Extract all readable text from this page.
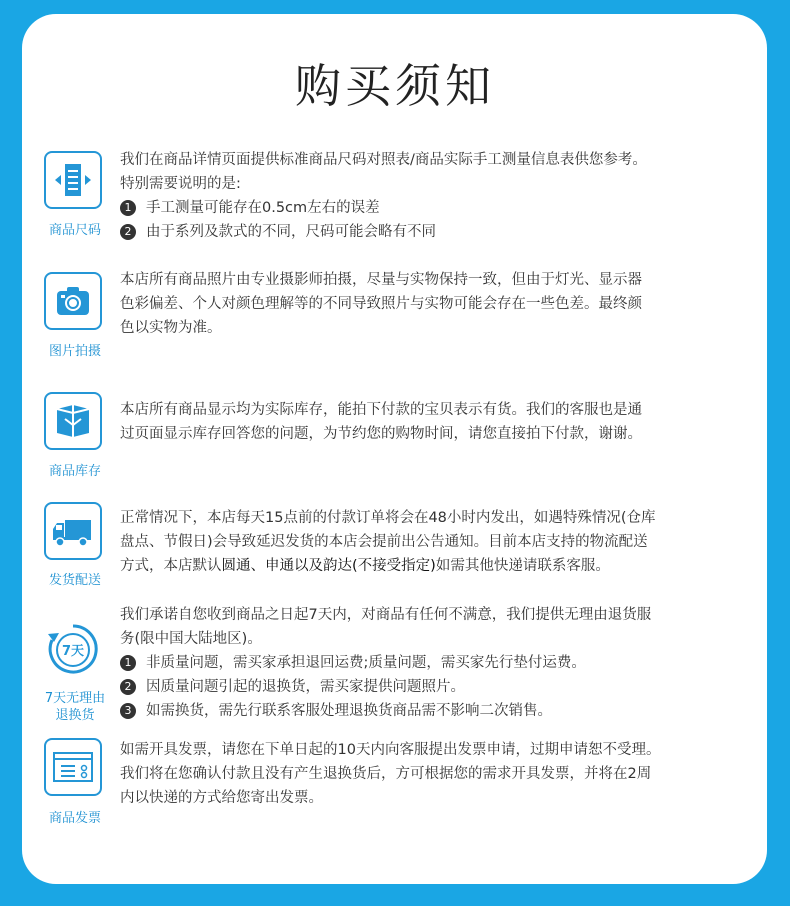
购买须知
商品尺码

我们在商品详情页面提供标准商品尺码对照表/商品实际手工测量信息表供您参考。

特别需要说明的是:

1 手工测量可能存在0.5cm左右的误差

2 由于系列及款式的不同，尺码可能会略有不同

图片拍摄

本店所有商品照片由专业摄影师拍摄，尽量与实物保持一致，但由于灯光、显示器

色彩偏差、个人对颜色理解等的不同导致照片与实物可能会存在一些色差。最终颜

色以实物为准。

商品库存

本店所有商品显示均为实际库存，能拍下付款的宝贝表示有货。我们的客服也是通

过页面显示库存回答您的问题，为节约您的购物时间，请您直接拍下付款，谢谢。

发货配送

正常情况下，本店每天15点前的付款订单将会在48小时内发出，如遇特殊情况(仓库

盘点、节假日)会导致延迟发货的本店会提前出公告通知。目前本店支持的物流配送

方式，本店默认圆通、申通以及韵达(不接受指定)如需其他快递请联系客服。

7天
7天无理由
退换货

我们承诺自您收到商品之日起7天内，对商品有任何不满意，我们提供无理由退货服

务(限中国大陆地区)。

1 非质量问题，需买家承担退回运费;质量问题，需买家先行垫付运费。

2 因质量问题引起的退换货，需买家提供问题照片。

3 如需换货，需先行联系客服处理退换货商品需不影响二次销售。

商品发票

如需开具发票，请您在下单日起的10天内向客服提出发票申请，过期申请恕不受理。

我们将在您确认付款且没有产生退换货后，方可根据您的需求开具发票，并将在2周

内以快递的方式给您寄出发票。
